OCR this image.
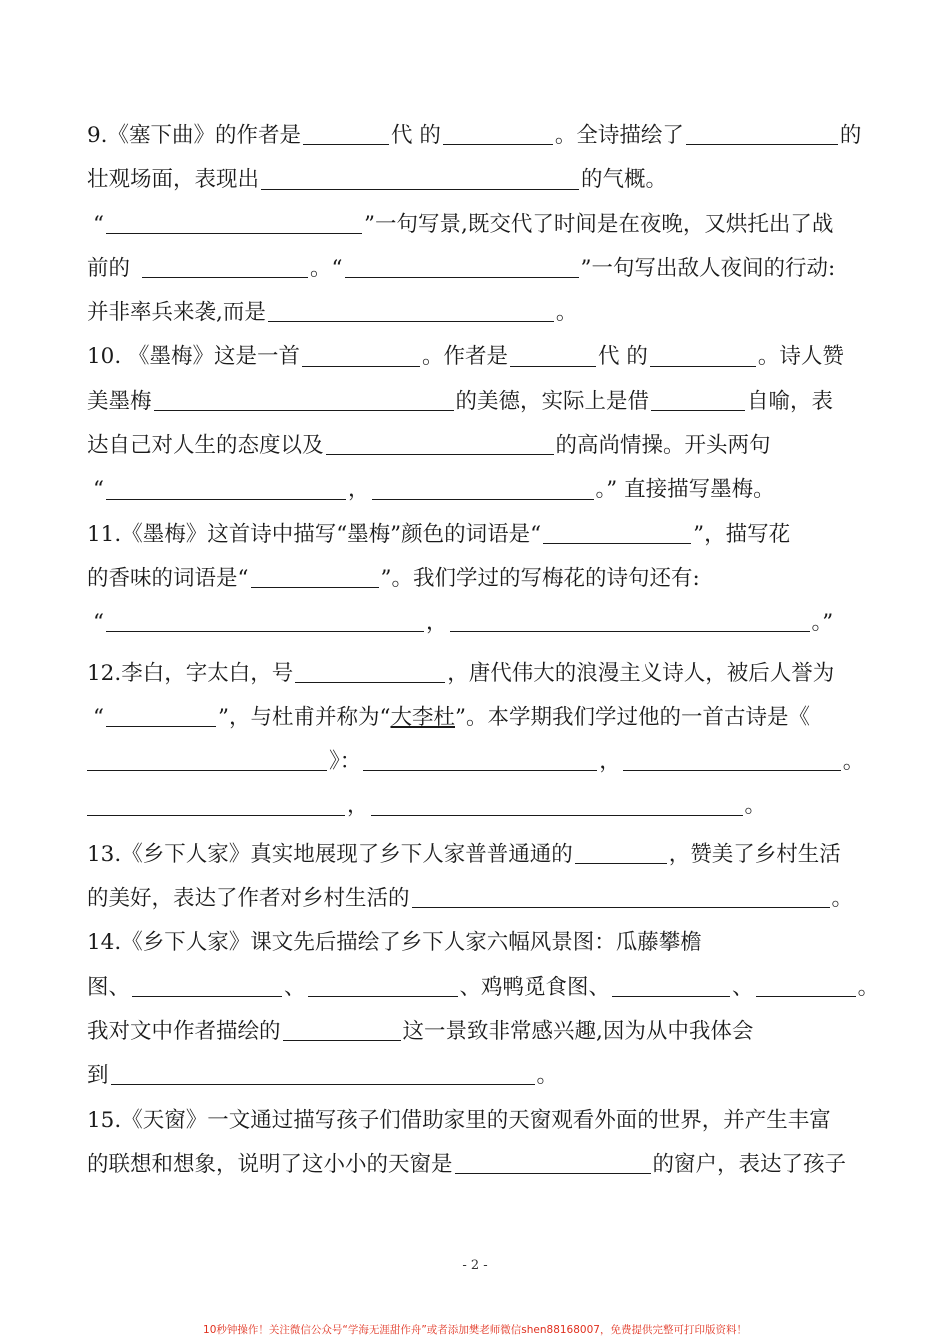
9.《塞下曲》的作者是	代 的	。全诗描绘了	的
壮观场面，表现出	的气概。
“	”一句写景,既交代了时间是在夜晚，又烘托出了战
前的	。“	”一句写出敌人夜间的行动:
并非率兵来袭,而是	。
10. 《墨梅》这是一首	。作者是	代 的	。诗人赞
美墨梅	的美德，实际上是借	自喻，表
达自己对人生的态度以及	的高尚情操。开头两句
“	，	。” 直接描写墨梅。
11.《墨梅》这首诗中描写“墨梅”颜色的词语是“	”，描写花
的香味的词语是“	”。我们学过的写梅花的诗句还有:
“	，	。”
12.李白，字太白，号	，唐代伟大的浪漫主义诗人，被后人誉为
“	”，与杜甫并称为“大李杜”。本学期我们学过他的一首古诗是《
》：	，	。
，	。
13.《乡下人家》真实地展现了乡下人家普普通通的	，赞美了乡村生活
的美好，表达了作者对乡村生活的	。
14.《乡下人家》课文先后描绘了乡下人家六幅风景图：瓜藤攀檐
图、	、	、鸡鸭觅食图、	、	。
我对文中作者描绘的	这一景致非常感兴趣,因为从中我体会
到	。
15.《天窗》一文通过描写孩子们借助家里的天窗观看外面的世界，并产生丰富
的联想和想象，说明了这小小的天窗是	的窗户，表达了孩子
- 2 -
10秒钟操作！关注微信公众号“学海无涯甜作舟”或者添加樊老师微信shen88168007，免费提供完整可打印版资料！
